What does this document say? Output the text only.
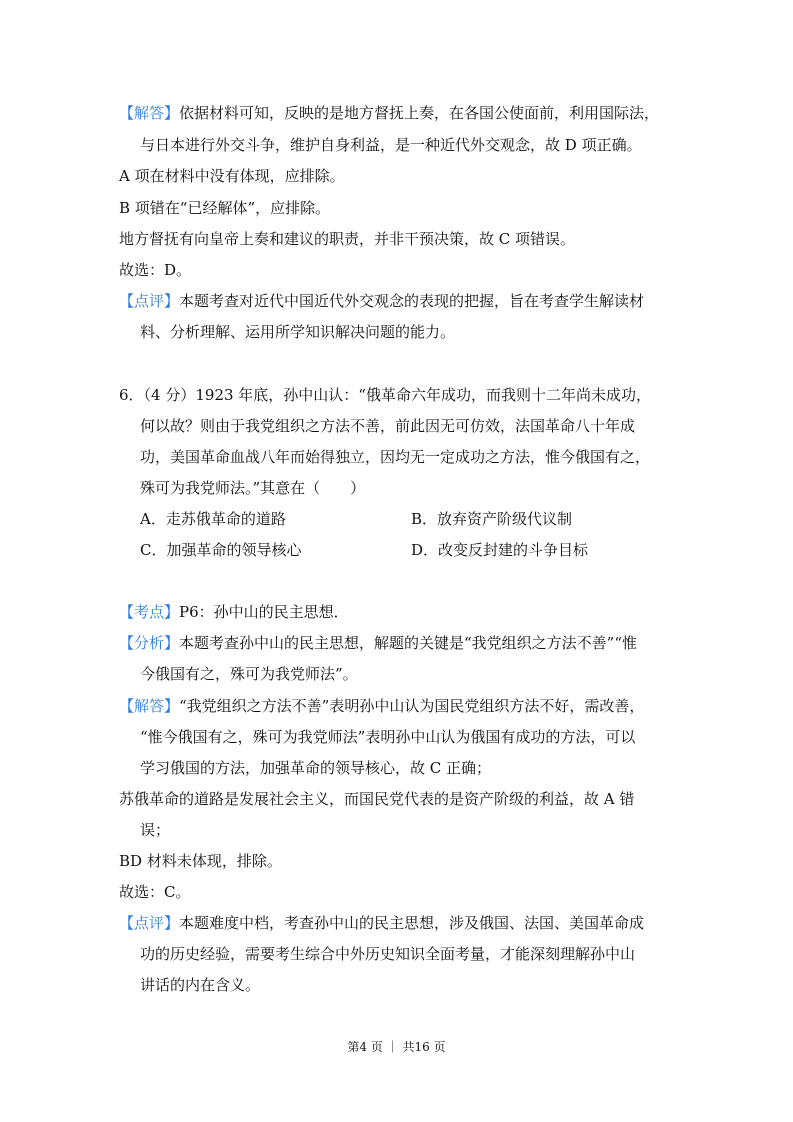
【解答】依据材料可知，反映的是地方督抚上奏，在各国公使面前，利用国际法，
与日本进行外交斗争，维护自身利益，是一种近代外交观念，故 D 项正确。
A 项在材料中没有体现，应排除。
B 项错在“已经解体”，应排除。
地方督抚有向皇帝上奏和建议的职责，并非干预决策，故 C 项错误。
故选：D。
【点评】本题考查对近代中国近代外交观念的表现的把握，旨在考查学生解读材
料、分析理解、运用所学知识解决问题的能力。
6．（4 分）1923 年底，孙中山认：“俄革命六年成功，而我则十二年尚未成功，
何以故？则由于我党组织之方法不善，前此因无可仿效，法国革命八十年成
功，美国革命血战八年而始得独立，因均无一定成功之方法，惟今俄国有之，
殊可为我党师法。”其意在（　　）
A．走苏俄革命的道路	B．放弃资产阶级代议制
C．加强革命的领导核心	D．改变反封建的斗争目标
【考点】P6：孙中山的民主思想．
【分析】本题考查孙中山的民主思想，解题的关键是“我党组织之方法不善”“惟
今俄国有之，殊可为我党师法”。
【解答】“我党组织之方法不善”表明孙中山认为国民党组织方法不好，需改善，
“惟今俄国有之，殊可为我党师法”表明孙中山认为俄国有成功的方法，可以
学习俄国的方法，加强革命的领导核心，故 C 正确；
苏俄革命的道路是发展社会主义，而国民党代表的是资产阶级的利益，故 A 错
误；
BD 材料未体现，排除。
故选：C。
【点评】本题难度中档，考查孙中山的民主思想，涉及俄国、法国、美国革命成
功的历史经验，需要考生综合中外历史知识全面考量，才能深刻理解孙中山
讲话的内在含义。
第4 页 ｜ 共16 页
